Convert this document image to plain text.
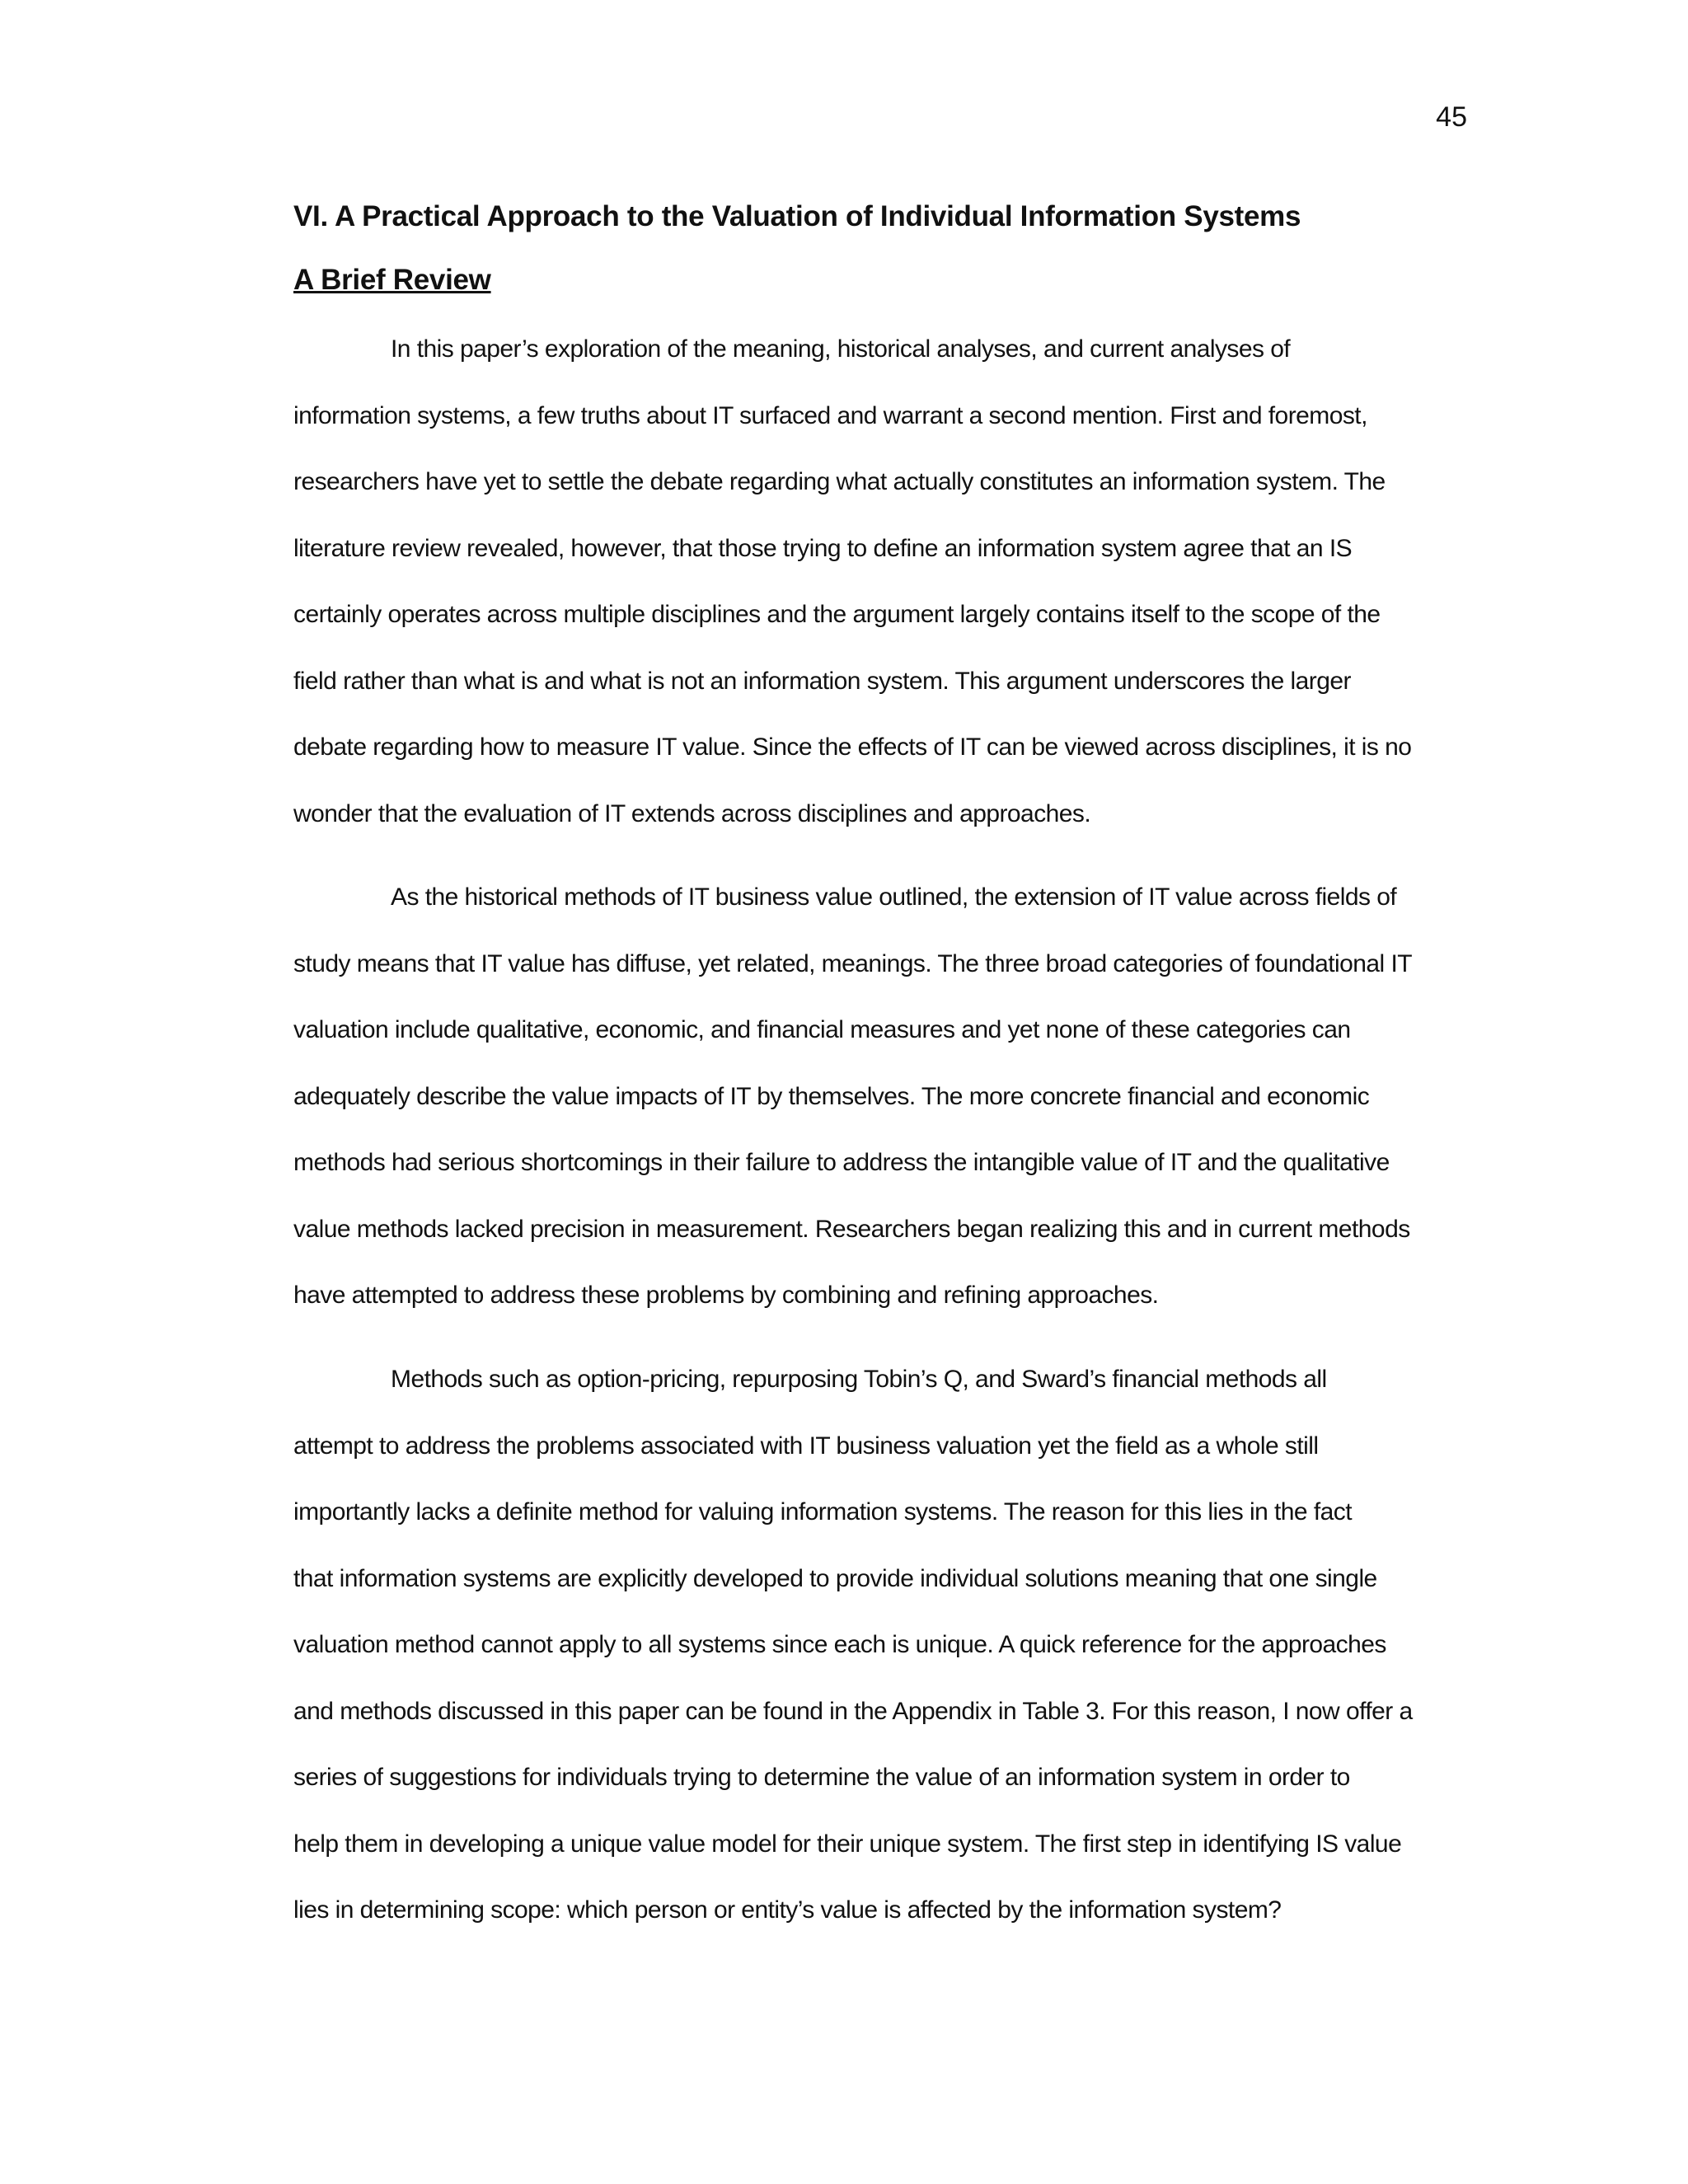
45
VI. A Practical Approach to the Valuation of Individual Information Systems
A Brief Review

In this paper’s exploration of the meaning, historical analyses, and current analyses of
information systems, a few truths about IT surfaced and warrant a second mention. First and foremost,
researchers have yet to settle the debate regarding what actually constitutes an information system. The
literature review revealed, however, that those trying to define an information system agree that an IS
certainly operates across multiple disciplines and the argument largely contains itself to the scope of the
field rather than what is and what is not an information system. This argument underscores the larger
debate regarding how to measure IT value. Since the effects of IT can be viewed across disciplines, it is no
wonder that the evaluation of IT extends across disciplines and approaches.

As the historical methods of IT business value outlined, the extension of IT value across fields of
study means that IT value has diffuse, yet related, meanings. The three broad categories of foundational IT
valuation include qualitative, economic, and financial measures and yet none of these categories can
adequately describe the value impacts of IT by themselves. The more concrete financial and economic
methods had serious shortcomings in their failure to address the intangible value of IT and the qualitative
value methods lacked precision in measurement. Researchers began realizing this and in current methods
have attempted to address these problems by combining and refining approaches.

Methods such as option-pricing, repurposing Tobin’s Q, and Sward’s financial methods all
attempt to address the problems associated with IT business valuation yet the field as a whole still
importantly lacks a definite method for valuing information systems. The reason for this lies in the fact
that information systems are explicitly developed to provide individual solutions meaning that one single
valuation method cannot apply to all systems since each is unique. A quick reference for the approaches
and methods discussed in this paper can be found in the Appendix in Table 3. For this reason, I now offer a
series of suggestions for individuals trying to determine the value of an information system in order to
help them in developing a unique value model for their unique system. The first step in identifying IS value
lies in determining scope: which person or entity’s value is affected by the information system?
